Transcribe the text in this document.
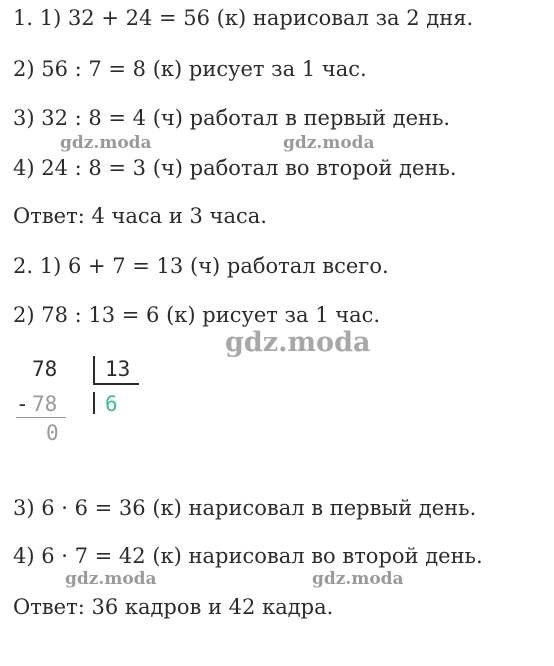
1. 1) 32 + 24 = 56 (к) нарисовал за 2 дня.
2) 56 : 7 = 8 (к) рисует за 1 час.
3) 32 : 8 = 4 (ч) работал в первый день.
gdz.moda	gdz.moda
4) 24 : 8 = 3 (ч) работал во второй день.
Ответ: 4 часа и 3 часа.
2. 1) 6 + 7 = 13 (ч) работал всего.
2) 78 : 13 = 6 (к) рисует за 1 час.
gdz.moda
78 13
- 78 6
0
3) 6 · 6 = 36 (к) нарисовал в первый день.
4) 6 · 7 = 42 (к) нарисовал во второй день.
gdz.moda	gdz.moda
Ответ: 36 кадров и 42 кадра.
